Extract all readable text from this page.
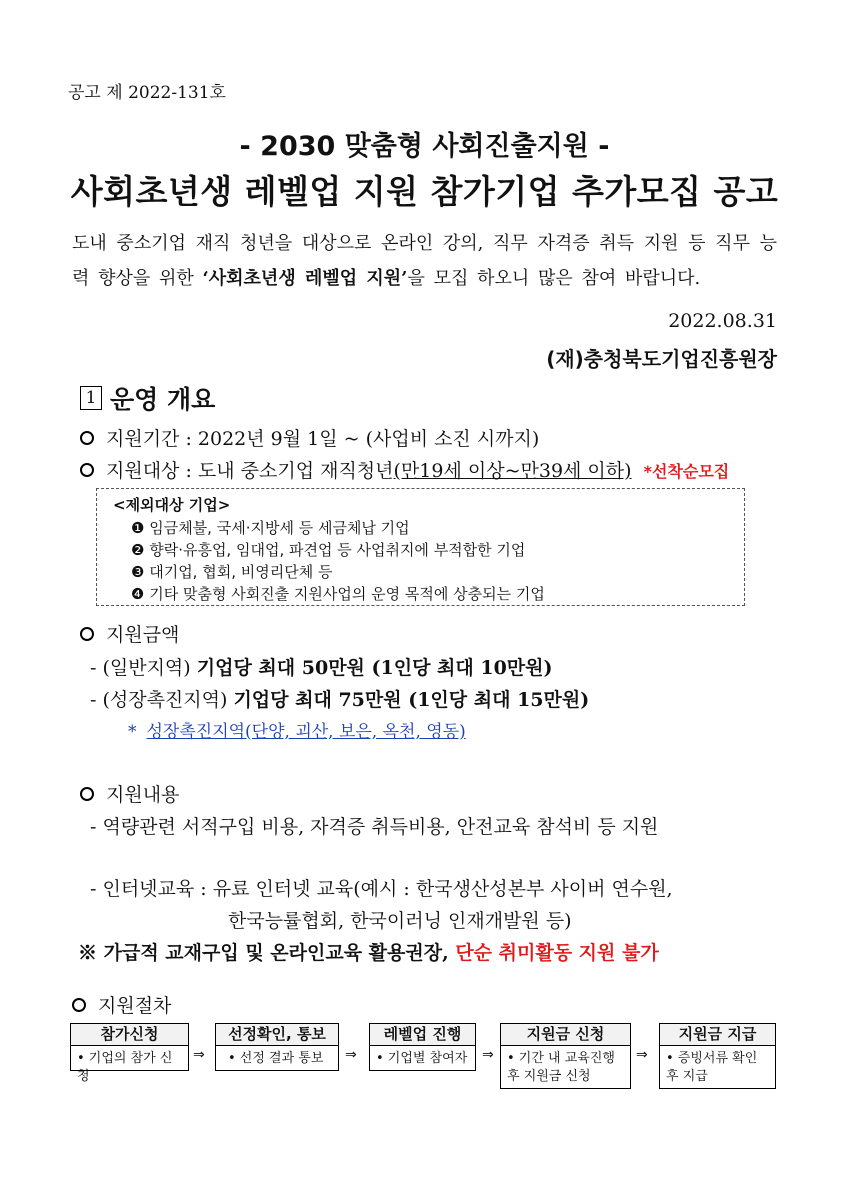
공고 제 2022-131호
- 2030 맞춤형 사회진출지원 -
사회초년생 레벨업 지원 참가기업 추가모집 공고
도내 중소기업 재직 청년을 대상으로 온라인 강의, 직무 자격증 취득 지원 등 직무 능력 향상을 위한 ‘사회초년생 레벨업 지원’을 모집 하오니 많은 참여 바랍니다.
2022.08.31
(재)충청북도기업진흥원장
1 운영 개요
지원기간 : 2022년 9월 1일 ~ (사업비 소진 시까지)
지원대상 : 도내 중소기업 재직청년(만19세 이상~만39세 이하) *선착순모집
<제외대상 기업>
❶ 임금체불, 국세·지방세 등 세금체납 기업
❷ 향락·유흥업, 임대업, 파견업 등 사업취지에 부적합한 기업
❸ 대기업, 협회, 비영리단체 등
❹ 기타 맞춤형 사회진출 지원사업의 운영 목적에 상충되는 기업
지원금액
- (일반지역) 기업당 최대 50만원 (1인당 최대 10만원)
- (성장촉진지역) 기업당 최대 75만원 (1인당 최대 15만원)
* 성장촉진지역(단양, 괴산, 보은, 옥천, 영동)
지원내용
- 역량관련 서적구입 비용, 자격증 취득비용, 안전교육 참석비 등 지원
- 인터넷교육 : 유료 인터넷 교육(예시 : 한국생산성본부 사이버 연수원,
한국능률협회, 한국이러닝 인재개발원 등)
※ 가급적 교재구입 및 온라인교육 활용권장, 단순 취미활동 지원 불가
지원절차
참가신청
• 기업의 참가 신청
⇒
선정확인, 통보
• 선정 결과 통보	⇒
레벨업 진행
• 기업별 참여자	⇒
지원금 신청
• 기간 내 교육진행 후 지원금 신청
⇒
지원금 지급
• 증빙서류 확인 후 지급
